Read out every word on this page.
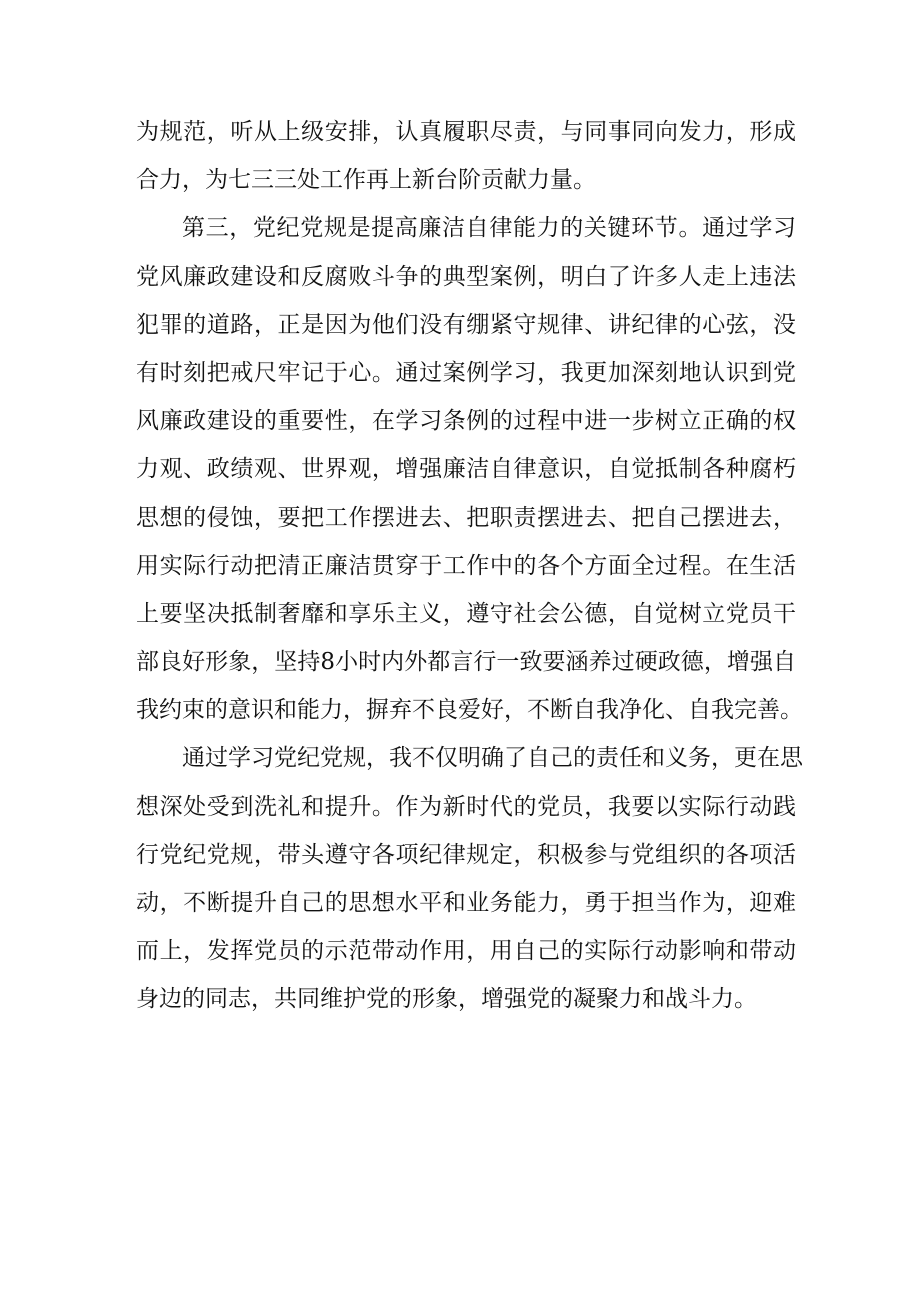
为规范，听从上级安排，认真履职尽责，与同事同向发力，形成
合力，为七三三处工作再上新台阶贡献力量。
第三，党纪党规是提高廉洁自律能力的关键环节。通过学习
党风廉政建设和反腐败斗争的典型案例，明白了许多人走上违法
犯罪的道路，正是因为他们没有绷紧守规律、讲纪律的心弦，没
有时刻把戒尺牢记于心。通过案例学习，我更加深刻地认识到党
风廉政建设的重要性，在学习条例的过程中进一步树立正确的权
力观、政绩观、世界观，增强廉洁自律意识，自觉抵制各种腐朽
思想的侵蚀，要把工作摆进去、把职责摆进去、把自己摆进去，
用实际行动把清正廉洁贯穿于工作中的各个方面全过程。在生活
上要坚决抵制奢靡和享乐主义，遵守社会公德，自觉树立党员干
部良好形象，坚持8小时内外都言行一致要涵养过硬政德，增强自
我约束的意识和能力，摒弃不良爱好，不断自我净化、自我完善。
通过学习党纪党规，我不仅明确了自己的责任和义务，更在思
想深处受到洗礼和提升。作为新时代的党员，我要以实际行动践
行党纪党规，带头遵守各项纪律规定，积极参与党组织的各项活
动，不断提升自己的思想水平和业务能力，勇于担当作为，迎难
而上，发挥党员的示范带动作用，用自己的实际行动影响和带动
身边的同志，共同维护党的形象，增强党的凝聚力和战斗力。
